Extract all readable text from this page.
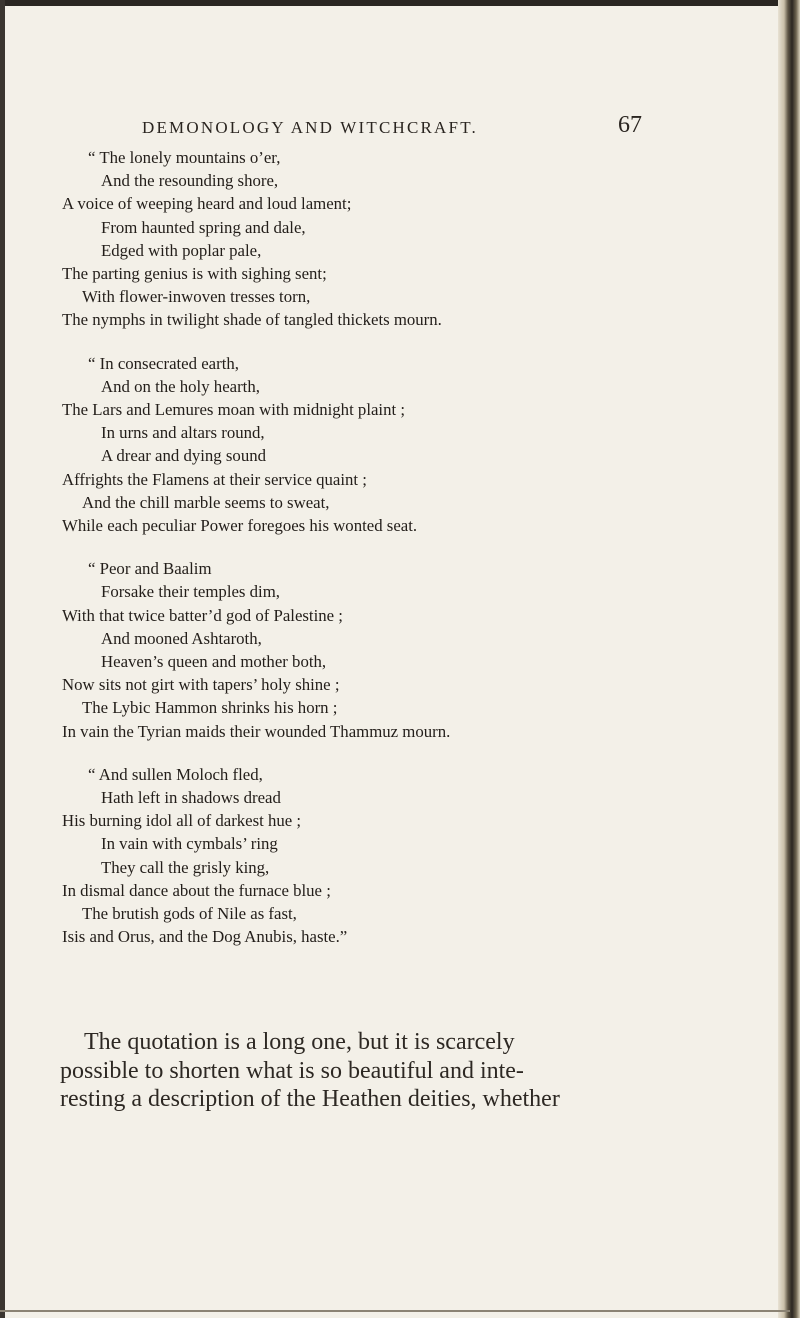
DEMONOLOGY AND WITCHCRAFT.	67
“ The lonely mountains o’er,
And the resounding shore,
A voice of weeping heard and loud lament;
From haunted spring and dale,
Edged with poplar pale,
The parting genius is with sighing sent;
With flower-inwoven tresses torn,
The nymphs in twilight shade of tangled thickets mourn.
“ In consecrated earth,
And on the holy hearth,
The Lars and Lemures moan with midnight plaint ;
In urns and altars round,
A drear and dying sound
Affrights the Flamens at their service quaint ;
And the chill marble seems to sweat,
While each peculiar Power foregoes his wonted seat.
“ Peor and Baalim
Forsake their temples dim,
With that twice batter’d god of Palestine ;
And mooned Ashtaroth,
Heaven’s queen and mother both,
Now sits not girt with tapers’ holy shine ;
The Lybic Hammon shrinks his horn ;
In vain the Tyrian maids their wounded Thammuz mourn.
“ And sullen Moloch fled,
Hath left in shadows dread
His burning idol all of darkest hue ;
In vain with cymbals’ ring
They call the grisly king,
In dismal dance about the furnace blue ;
The brutish gods of Nile as fast,
Isis and Orus, and the Dog Anubis, haste.”

The quotation is a long one, but it is scarcely

possible to shorten what is so beautiful and inte-

resting a description of the Heathen deities, whether
